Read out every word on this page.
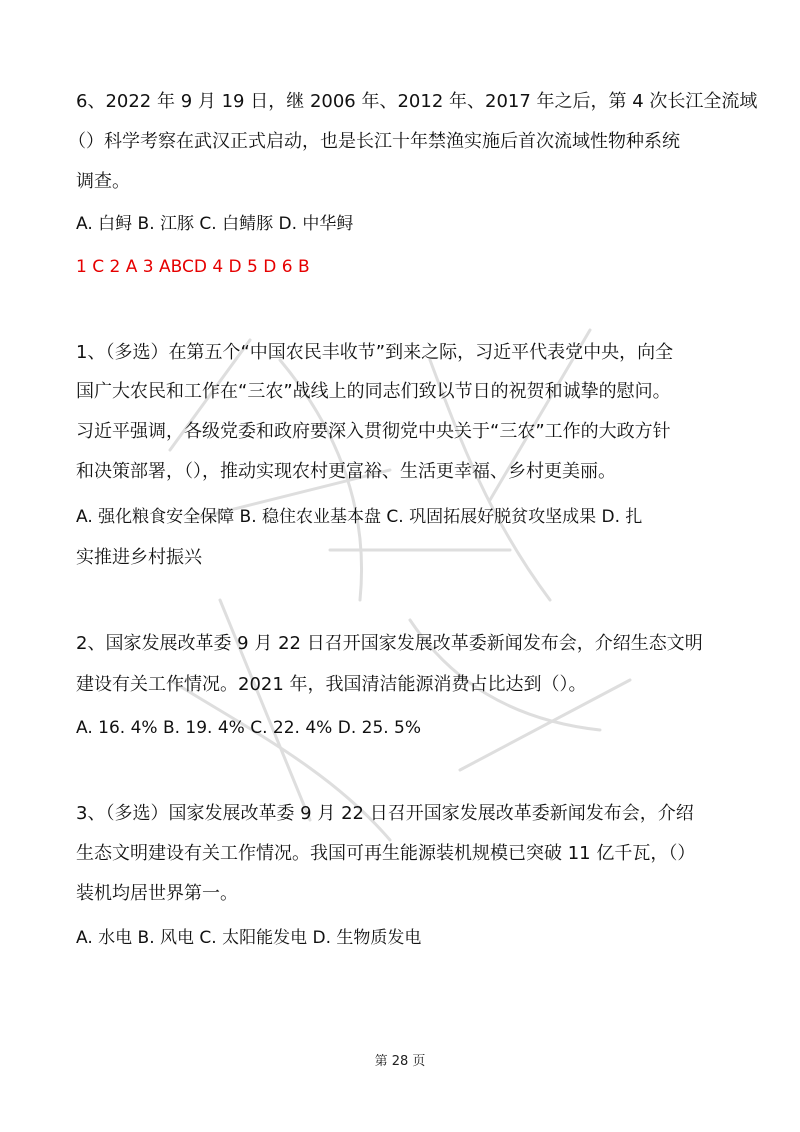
6、2022 年 9 月 19 日，继 2006 年、2012 年、2017 年之后，第 4 次长江全流域
（）科学考察在武汉正式启动，也是长江十年禁渔实施后首次流域性物种系统
调查。
A. 白鲟 B. 江豚 C. 白鲭豚 D. 中华鲟
1 C 2 A 3 ABCD 4 D 5 D 6 B
1、（多选）在第五个“中国农民丰收节”到来之际，习近平代表党中央，向全
国广大农民和工作在“三农”战线上的同志们致以节日的祝贺和诚挚的慰问。
习近平强调，各级党委和政府要深入贯彻党中央关于“三农”工作的大政方针
和决策部署，（），推动实现农村更富裕、生活更幸福、乡村更美丽。
A. 强化粮食安全保障 B. 稳住农业基本盘 C. 巩固拓展好脱贫攻坚成果 D. 扎
实推进乡村振兴
2、国家发展改革委 9 月 22 日召开国家发展改革委新闻发布会，介绍生态文明
建设有关工作情况。2021 年，我国清洁能源消费占比达到（）。
A. 16. 4% B. 19. 4% C. 22. 4% D. 25. 5%
3、（多选）国家发展改革委 9 月 22 日召开国家发展改革委新闻发布会，介绍
生态文明建设有关工作情况。我国可再生能源装机规模已突破 11 亿千瓦，（）
装机均居世界第一。
A. 水电 B. 风电 C. 太阳能发电 D. 生物质发电
第 28 页
